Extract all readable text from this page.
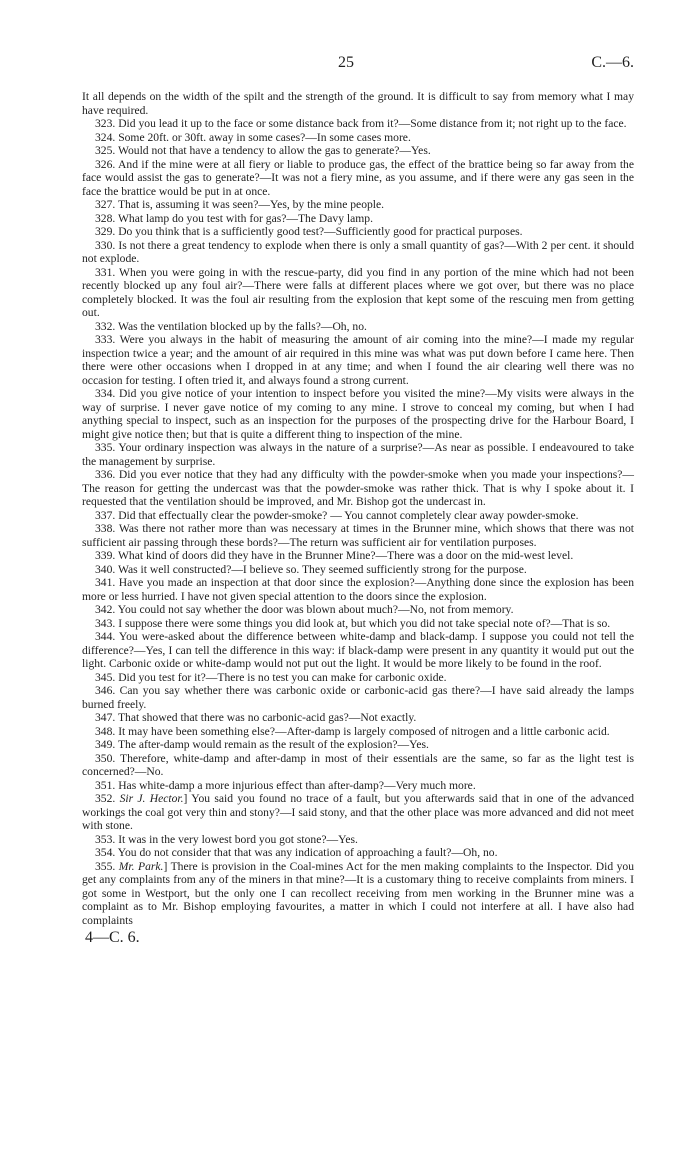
25	C.—6.

It all depends on the width of the spilt and the strength of the ground. It is difficult to say from memory what I may have required.

323. Did you lead it up to the face or some distance back from it?—Some distance from it; not right up to the face.

324. Some 20ft. or 30ft. away in some cases?—In some cases more.

325. Would not that have a tendency to allow the gas to generate?—Yes.

326. And if the mine were at all fiery or liable to produce gas, the effect of the brattice being so far away from the face would assist the gas to generate?—It was not a fiery mine, as you assume, and if there were any gas seen in the face the brattice would be put in at once.

327. That is, assuming it was seen?—Yes, by the mine people.

328. What lamp do you test with for gas?—The Davy lamp.

329. Do you think that is a sufficiently good test?—Sufficiently good for practical purposes.

330. Is not there a great tendency to explode when there is only a small quantity of gas?—With 2 per cent. it should not explode.

331. When you were going in with the rescue-party, did you find in any portion of the mine which had not been recently blocked up any foul air?—There were falls at different places where we got over, but there was no place completely blocked. It was the foul air resulting from the explosion that kept some of the rescuing men from getting out.

332. Was the ventilation blocked up by the falls?—Oh, no.

333. Were you always in the habit of measuring the amount of air coming into the mine?—I made my regular inspection twice a year; and the amount of air required in this mine was what was put down before I came here. Then there were other occasions when I dropped in at any time; and when I found the air clearing well there was no occasion for testing. I often tried it, and always found a strong current.

334. Did you give notice of your intention to inspect before you visited the mine?—My visits were always in the way of surprise. I never gave notice of my coming to any mine. I strove to conceal my coming, but when I had anything special to inspect, such as an inspection for the purposes of the prospecting drive for the Harbour Board, I might give notice then; but that is quite a different thing to inspection of the mine.

335. Your ordinary inspection was always in the nature of a surprise?—As near as possible. I endeavoured to take the management by surprise.

336. Did you ever notice that they had any difficulty with the powder-smoke when you made your inspections?—The reason for getting the undercast was that the powder-smoke was rather thick. That is why I spoke about it. I requested that the ventilation should be improved, and Mr. Bishop got the undercast in.

337. Did that effectually clear the powder-smoke? — You cannot completely clear away powder-smoke.

338. Was there not rather more than was necessary at times in the Brunner mine, which shows that there was not sufficient air passing through these bords?—The return was sufficient air for ventilation purposes.

339. What kind of doors did they have in the Brunner Mine?—There was a door on the mid-west level.

340. Was it well constructed?—I believe so. They seemed sufficiently strong for the purpose.

341. Have you made an inspection at that door since the explosion?—Anything done since the explosion has been more or less hurried. I have not given special attention to the doors since the explosion.

342. You could not say whether the door was blown about much?—No, not from memory.

343. I suppose there were some things you did look at, but which you did not take special note of?—That is so.

344. You were-asked about the difference between white-damp and black-damp. I suppose you could not tell the difference?—Yes, I can tell the difference in this way: if black-damp were present in any quantity it would put out the light. Carbonic oxide or white-damp would not put out the light. It would be more likely to be found in the roof.

345. Did you test for it?—There is no test you can make for carbonic oxide.

346. Can you say whether there was carbonic oxide or carbonic-acid gas there?—I have said already the lamps burned freely.

347. That showed that there was no carbonic-acid gas?—Not exactly.

348. It may have been something else?—After-damp is largely composed of nitrogen and a little carbonic acid.

349. The after-damp would remain as the result of the explosion?—Yes.

350. Therefore, white-damp and after-damp in most of their essentials are the same, so far as the light test is concerned?—No.

351. Has white-damp a more injurious effect than after-damp?—Very much more.

352. Sir J. Hector.] You said you found no trace of a fault, but you afterwards said that in one of the advanced workings the coal got very thin and stony?—I said stony, and that the other place was more advanced and did not meet with stone.

353. It was in the very lowest bord you got stone?—Yes.

354. You do not consider that that was any indication of approaching a fault?—Oh, no.

355. Mr. Park.] There is provision in the Coal-mines Act for the men making complaints to the Inspector. Did you get any complaints from any of the miners in that mine?—It is a customary thing to receive complaints from miners. I got some in Westport, but the only one I can recollect receiving from men working in the Brunner mine was a complaint as to Mr. Bishop employing favourites, a matter in which I could not interfere at all. I have also had complaints

4—C. 6.
